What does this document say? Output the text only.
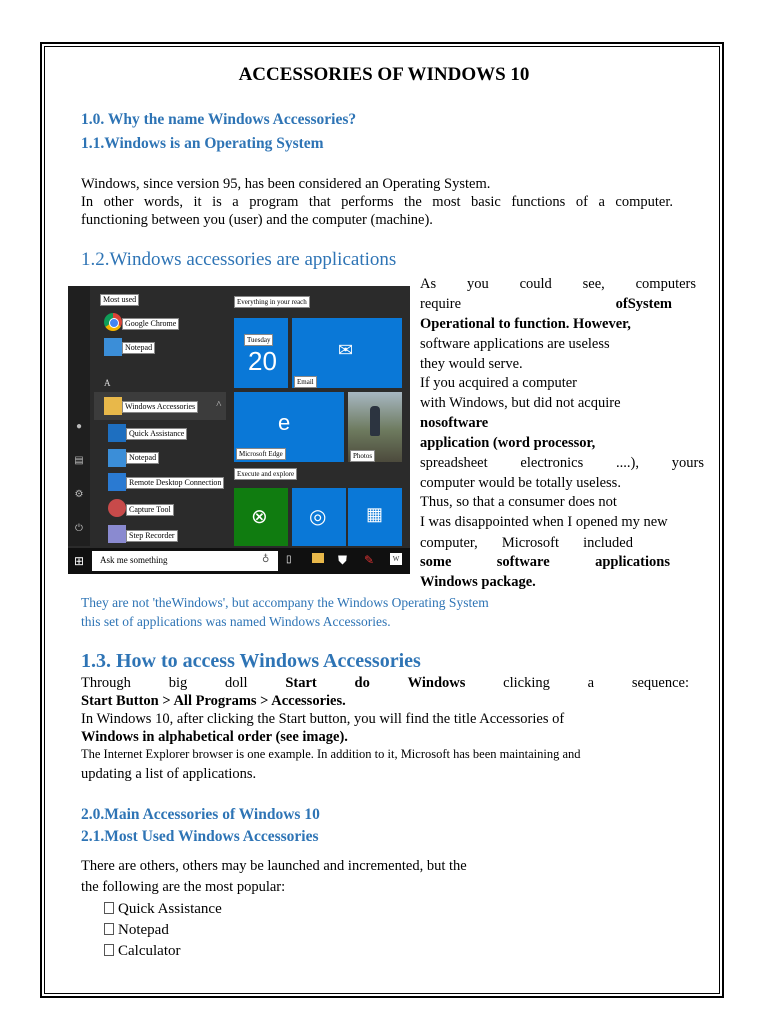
ACCESSORIES OF WINDOWS 10
1.0. Why the name Windows Accessories?
1.1.Windows is an Operating System
Windows, since version 95, has been considered an Operating System.
In other words, it is a program that performs the most basic functions of a computer.
functioning between you (user) and the computer (machine).
1.2.Windows accessories are applications
●
▤
⚙
⏻
Most used
Google Chrome
Notepad
A
Windows Accessories	˄
Quick Assistance
Notepad
Remote Desktop Connection
Capture Tool
Step Recorder
Everything in your reach
Tuesday
20	✉
Email
e
Microsoft Edge	Photos
Execute and explore
⊗ ◎ ▦
⊞ Ask me something	♁ ▯	⛊ ✎	W
As you could see, computers
require	ofSystem
Operational to function. However,
software applications are useless
they would serve.
If you acquired a computer
with Windows, but did not acquire
nosoftware
application (word processor,
spreadsheet electronics ....), yours
computer would be totally useless.
Thus, so that a consumer does not
I was disappointed when I opened my new
computer, Microsoft included
some software	applications
Windows package.
They are not 'theWindows', but accompany the Windows Operating System
this set of applications was named Windows Accessories.
1.3. How to access Windows Accessories
Through	big doll	Start	do	Windows	clicking	a	sequence:
Start Button > All Programs > Accessories.
In Windows 10, after clicking the Start button, you will find the title Accessories of
Windows in alphabetical order (see image).
The Internet Explorer browser is one example. In addition to it, Microsoft has been maintaining and
updating a list of applications.
2.0.Main Accessories of Windows 10
2.1.Most Used Windows Accessories
There are others, others may be launched and incremented, but the
the following are the most popular:
Quick Assistance
Notepad
Calculator
